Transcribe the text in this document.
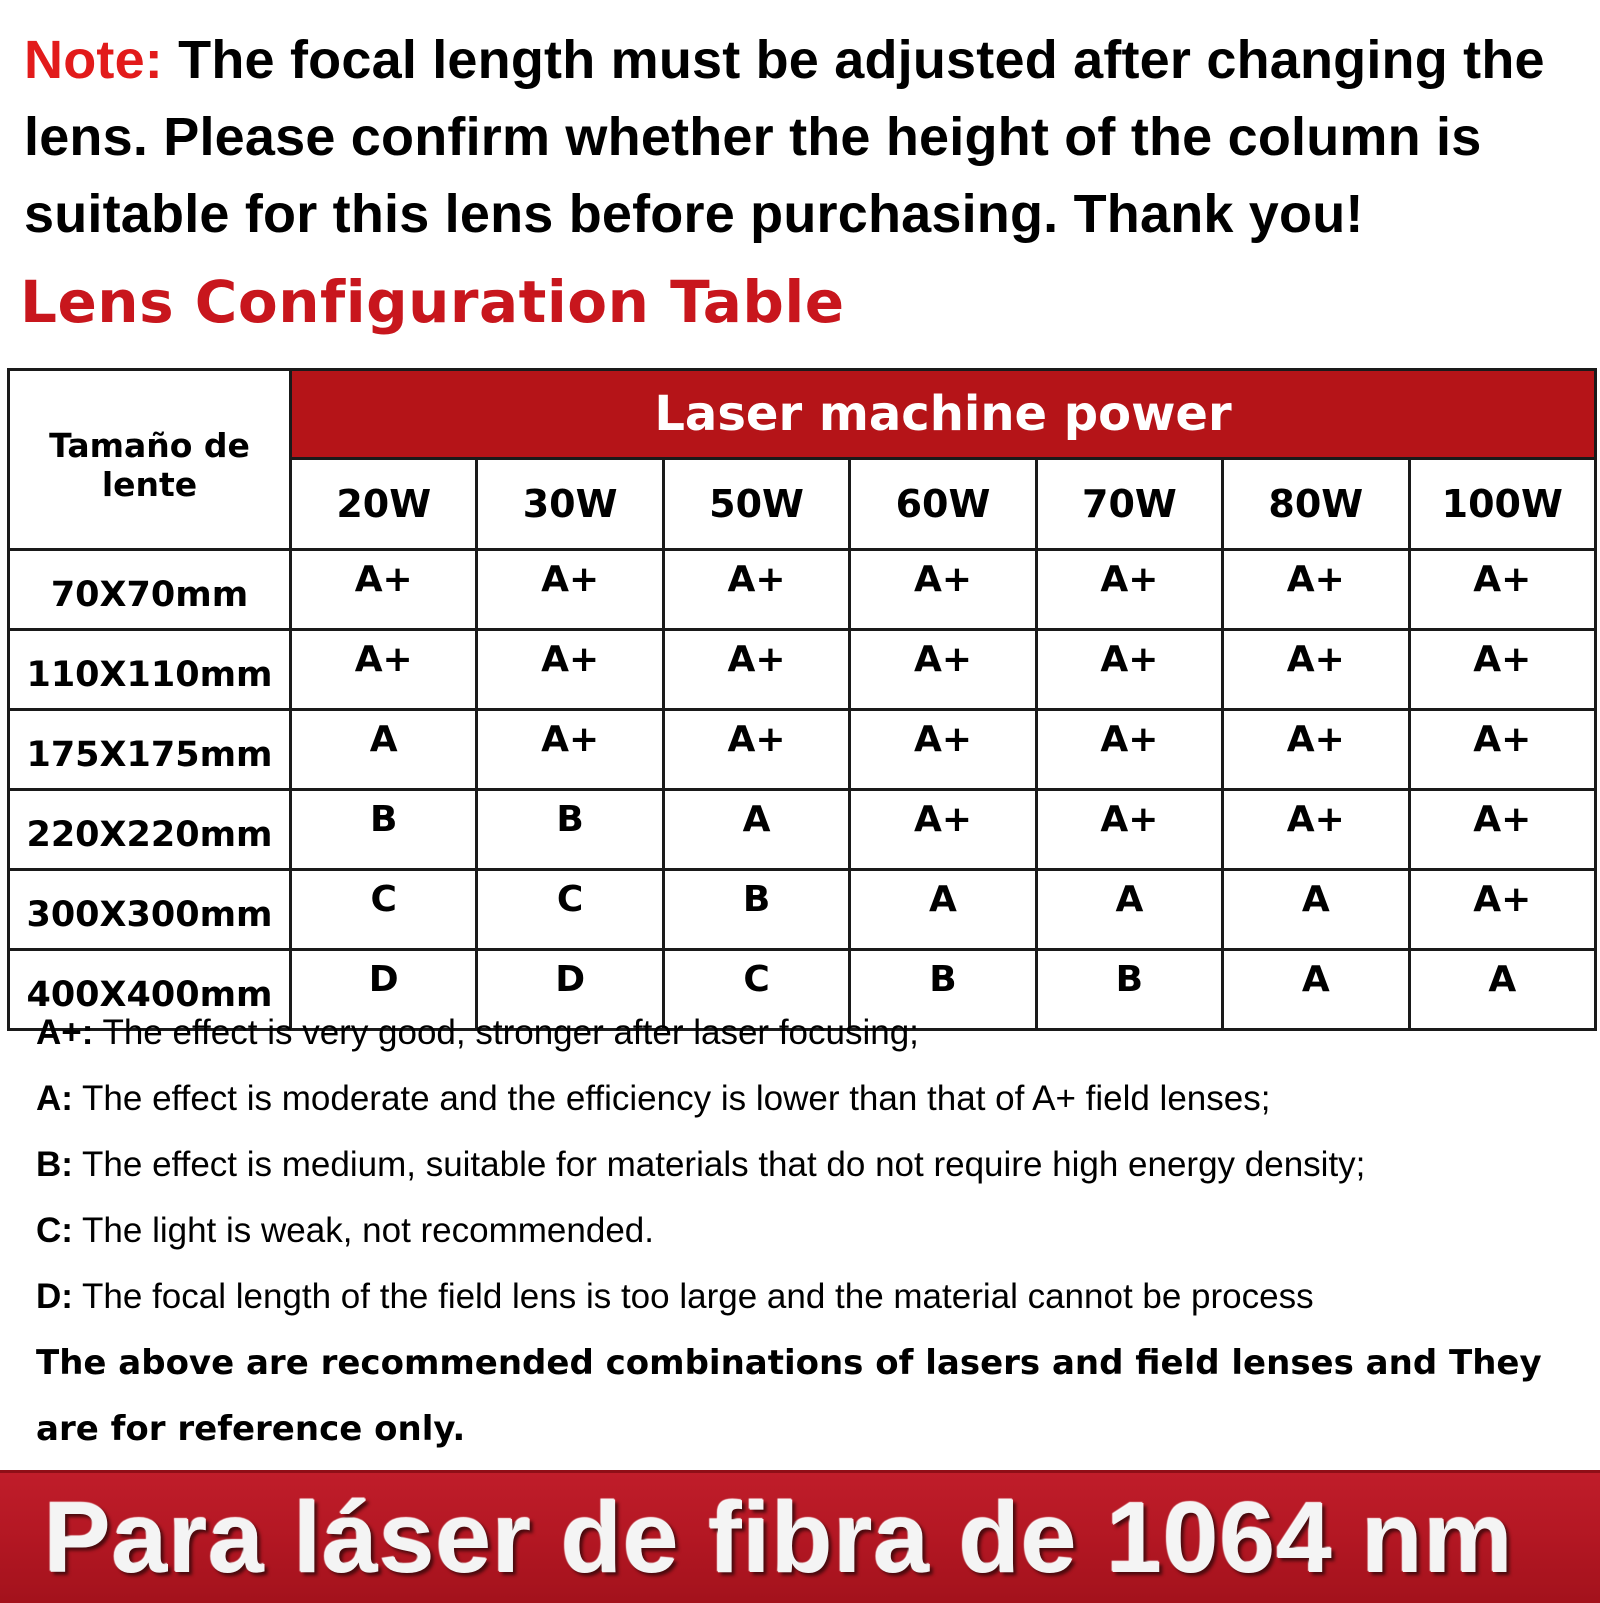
Note: The focal length must be adjusted after changing the lens. Please confirm whether the height of the column is suitable for this lens before purchasing. Thank you!
Lens Configuration Table
Tamaño de lente	Laser machine power						
	20W	30W	50W	60W	70W	80W	100W
70X70mm	A+	A+	A+	A+	A+	A+	A+
110X110mm	A+	A+	A+	A+	A+	A+	A+
175X175mm	A	A+	A+	A+	A+	A+	A+
220X220mm	B	B	A	A+	A+	A+	A+
300X300mm	C	C	B	A	A	A	A+
400X400mm	D	D	C	B	B	A	A
A+: The effect is very good, stronger after laser focusing;
A: The effect is moderate and the efficiency is lower than that of A+ field lenses;
B: The effect is medium, suitable for materials that do not require high energy density;
C: The light is weak, not recommended.
D: The focal length of the field lens is too large and the material cannot be process
The above are recommended combinations of lasers and field lenses and They are for reference only.
Para láser de fibra de 1064 nm
